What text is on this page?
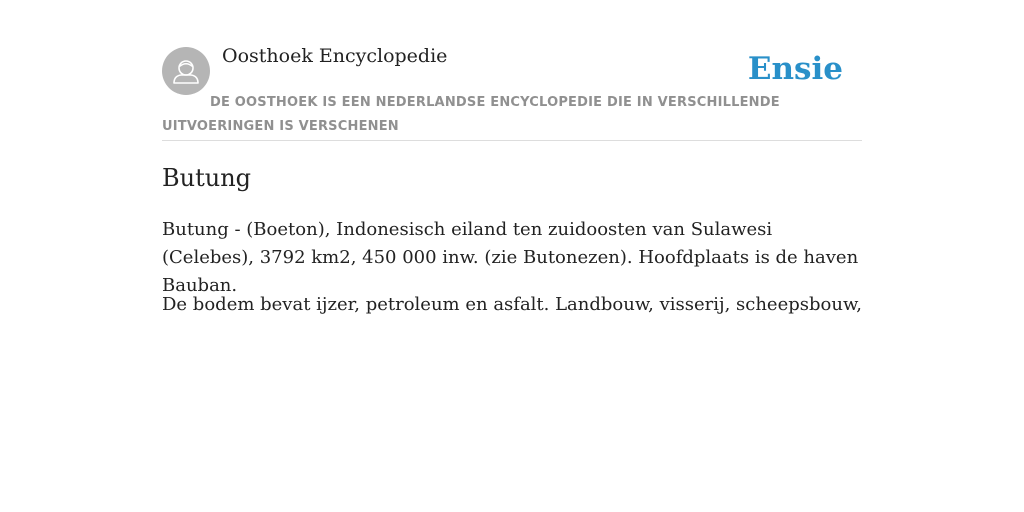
Oosthoek Encyclopedie	Ensie

DE OOSTHOEK IS EEN NEDERLANDSE ENCYCLOPEDIE DIE IN VERSCHILLENDE UITVOERINGEN IS VERSCHENEN

Butung

Butung - (Boeton), Indonesisch eiland ten zuidoosten van Sulawesi (Celebes), 3792 km2, 450 000 inw. (zie Butonezen). Hoofdplaats is de haven Bauban.

De bodem bevat ijzer, petroleum en asfalt. Landbouw, visserij, scheepsbouw,
